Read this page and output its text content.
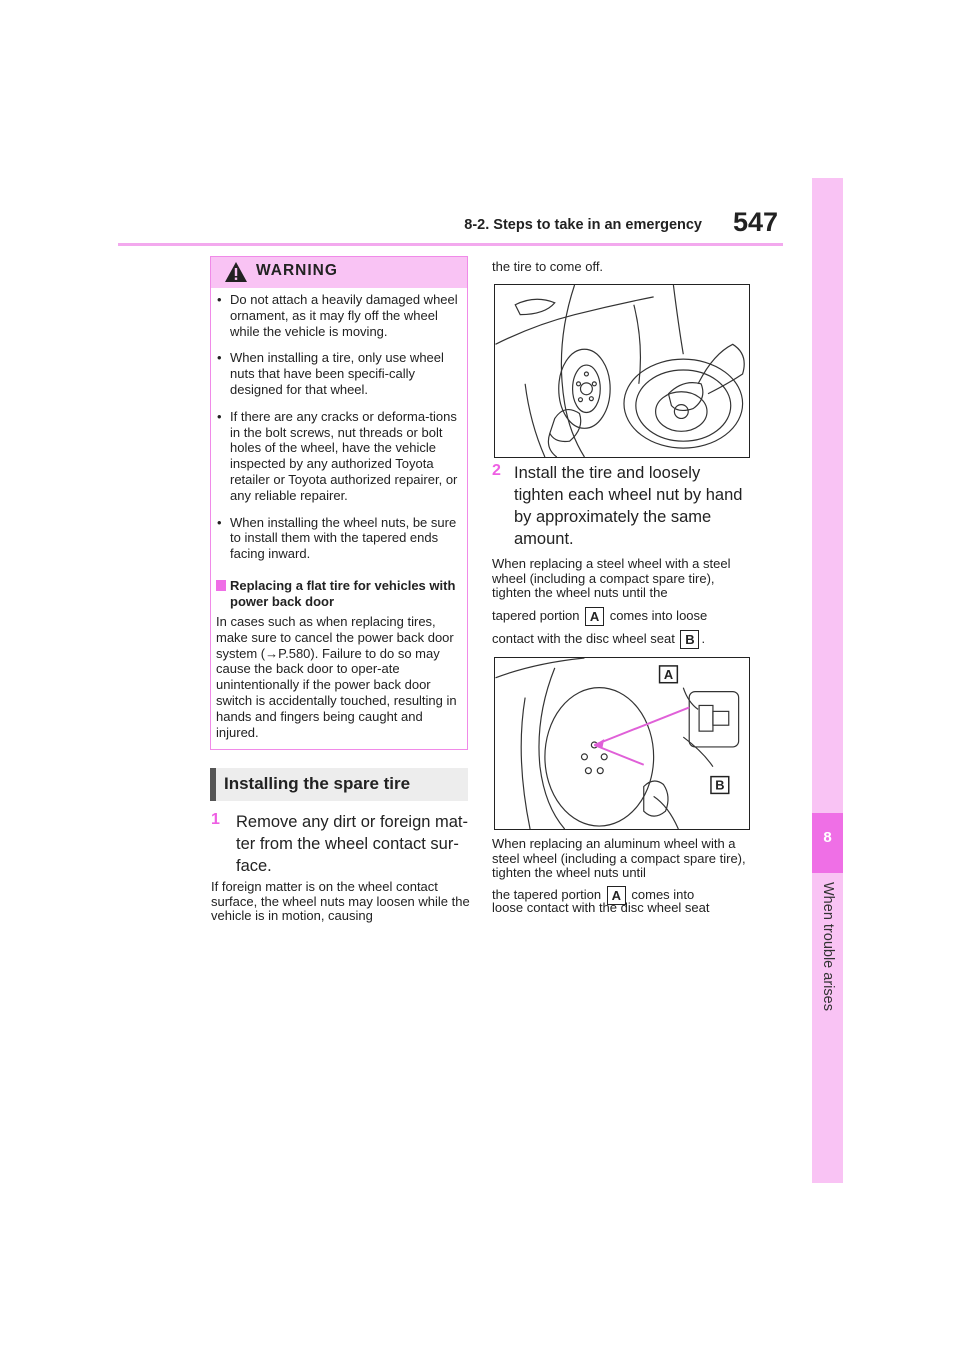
8-2. Steps to take in an emergency	547
8
When trouble arises
WARNING
• Do not attach a heavily damaged wheel ornament, as it may fly off the wheel while the vehicle is moving.
• When installing a tire, only use wheel nuts that have been specifi-cally designed for that wheel.
• If there are any cracks or deforma-tions in the bolt screws, nut threads or bolt holes of the wheel, have the vehicle inspected by any authorized Toyota retailer or Toyota authorized repairer, or any reliable repairer.
• When installing the wheel nuts, be sure to install them with the tapered ends facing inward.
Replacing a flat tire for vehicles with power back door
In cases such as when replacing tires, make sure to cancel the power back door system (→P.580). Failure to do so may cause the back door to oper-ate unintentionally if the power back door switch is accidentally touched, resulting in hands and fingers being caught and injured.
Installing the spare tire
1 Remove any dirt or foreign mat-ter from the wheel contact sur-face.
If foreign matter is on the wheel contact surface, the wheel nuts may loosen while the vehicle is in motion, causing
the tire to come off.
2 Install the tire and loosely tighten each wheel nut by hand by approximately the same amount.
When replacing a steel wheel with a steel wheel (including a compact spare tire), tighten the wheel nuts until the
tapered portion A comes into loose
contact with the disc wheel seat B .
A
B
When replacing an aluminum wheel with a steel wheel (including a compact spare tire), tighten the wheel nuts until
the tapered portion A comes into
loose contact with the disc wheel seat
